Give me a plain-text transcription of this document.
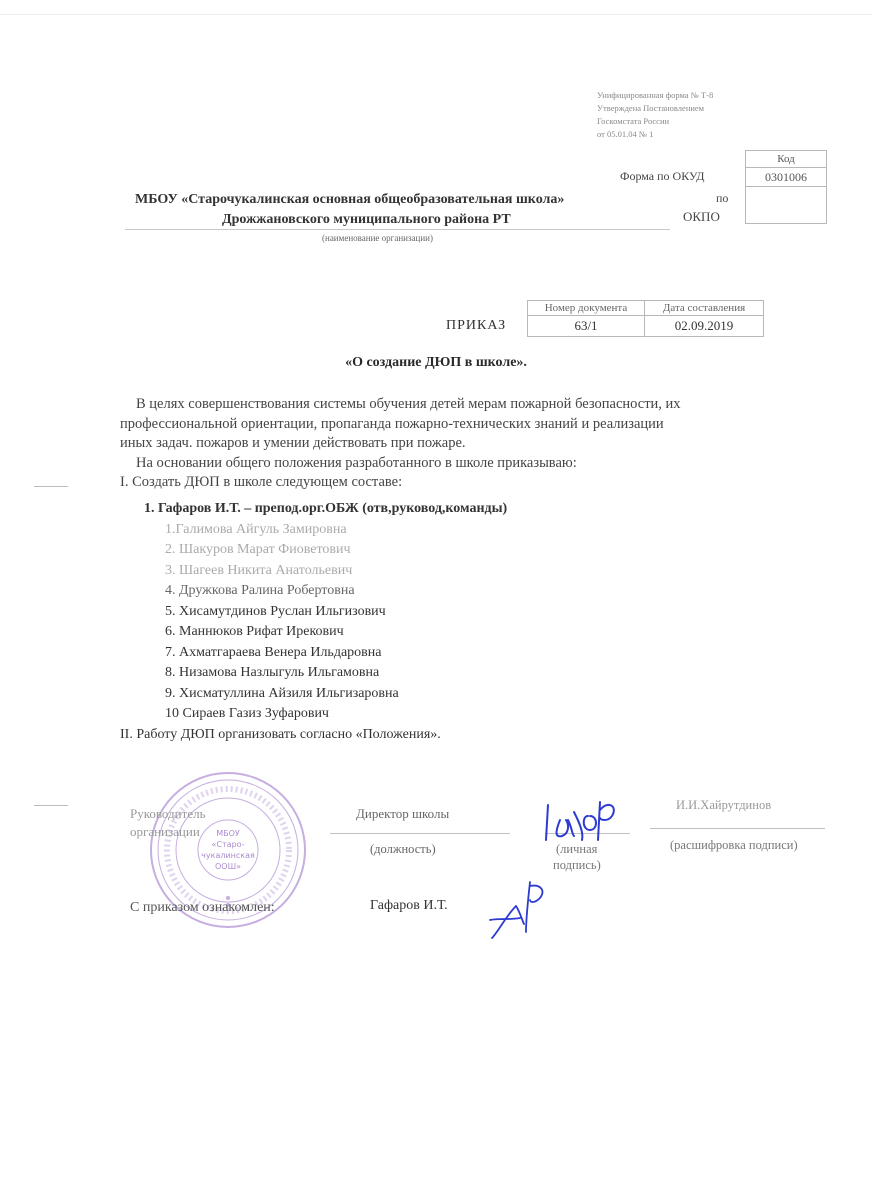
Унифицированная форма № Т-8
Утверждена Постановлением
Госкомстата России
от 05.01.04 № 1
Код
0301006

Форма по ОКУД
по
ОКПО
МБОУ «Старочукалинская основная общеобразовательная школа»
Дрожжановского муниципального района РТ
(наименование организации)
Номер документа	Дата составления
63/1	02.09.2019
ПРИКАЗ
«О создание ДЮП в школе».
В целях совершенствования системы обучения детей мерам пожарной безопасности, их
профессиональной ориентации, пропаганда пожарно-технических знаний и реализации
иных задач. пожаров и умении действовать при пожаре.
На основании общего положения разработанного в школе приказываю:
I. Создать ДЮП в школе следующем составе:
1. Гафаров И.Т. – препод.орг.ОБЖ (отв,руковод,команды)
1.Галимова Айгуль Замировна
2. Шакуров Марат Фиоветович
3. Шагеев Никита Анатольевич
4. Дружкова Ралина Робертовна
5. Хисамутдинов Руслан Ильгизович
6. Маннюков Рифат Ирекович
7. Ахматгараева Венера Ильдаровна
8. Низамова Назлыгуль Ильгамовна
9. Хисматуллина Айзиля Ильгизаровна
10 Сираев Газиз Зуфарович
II. Работу ДЮП организовать согласно «Положения».
МБОУ
«Старо-
чукалинская
ООШ»
Руководитель
организации
Директор школы
(должность)	(личная
подпись)
И.И.Хайрутдинов
(расшифровка подписи)
С приказом ознакомлен:	Гафаров И.Т.
